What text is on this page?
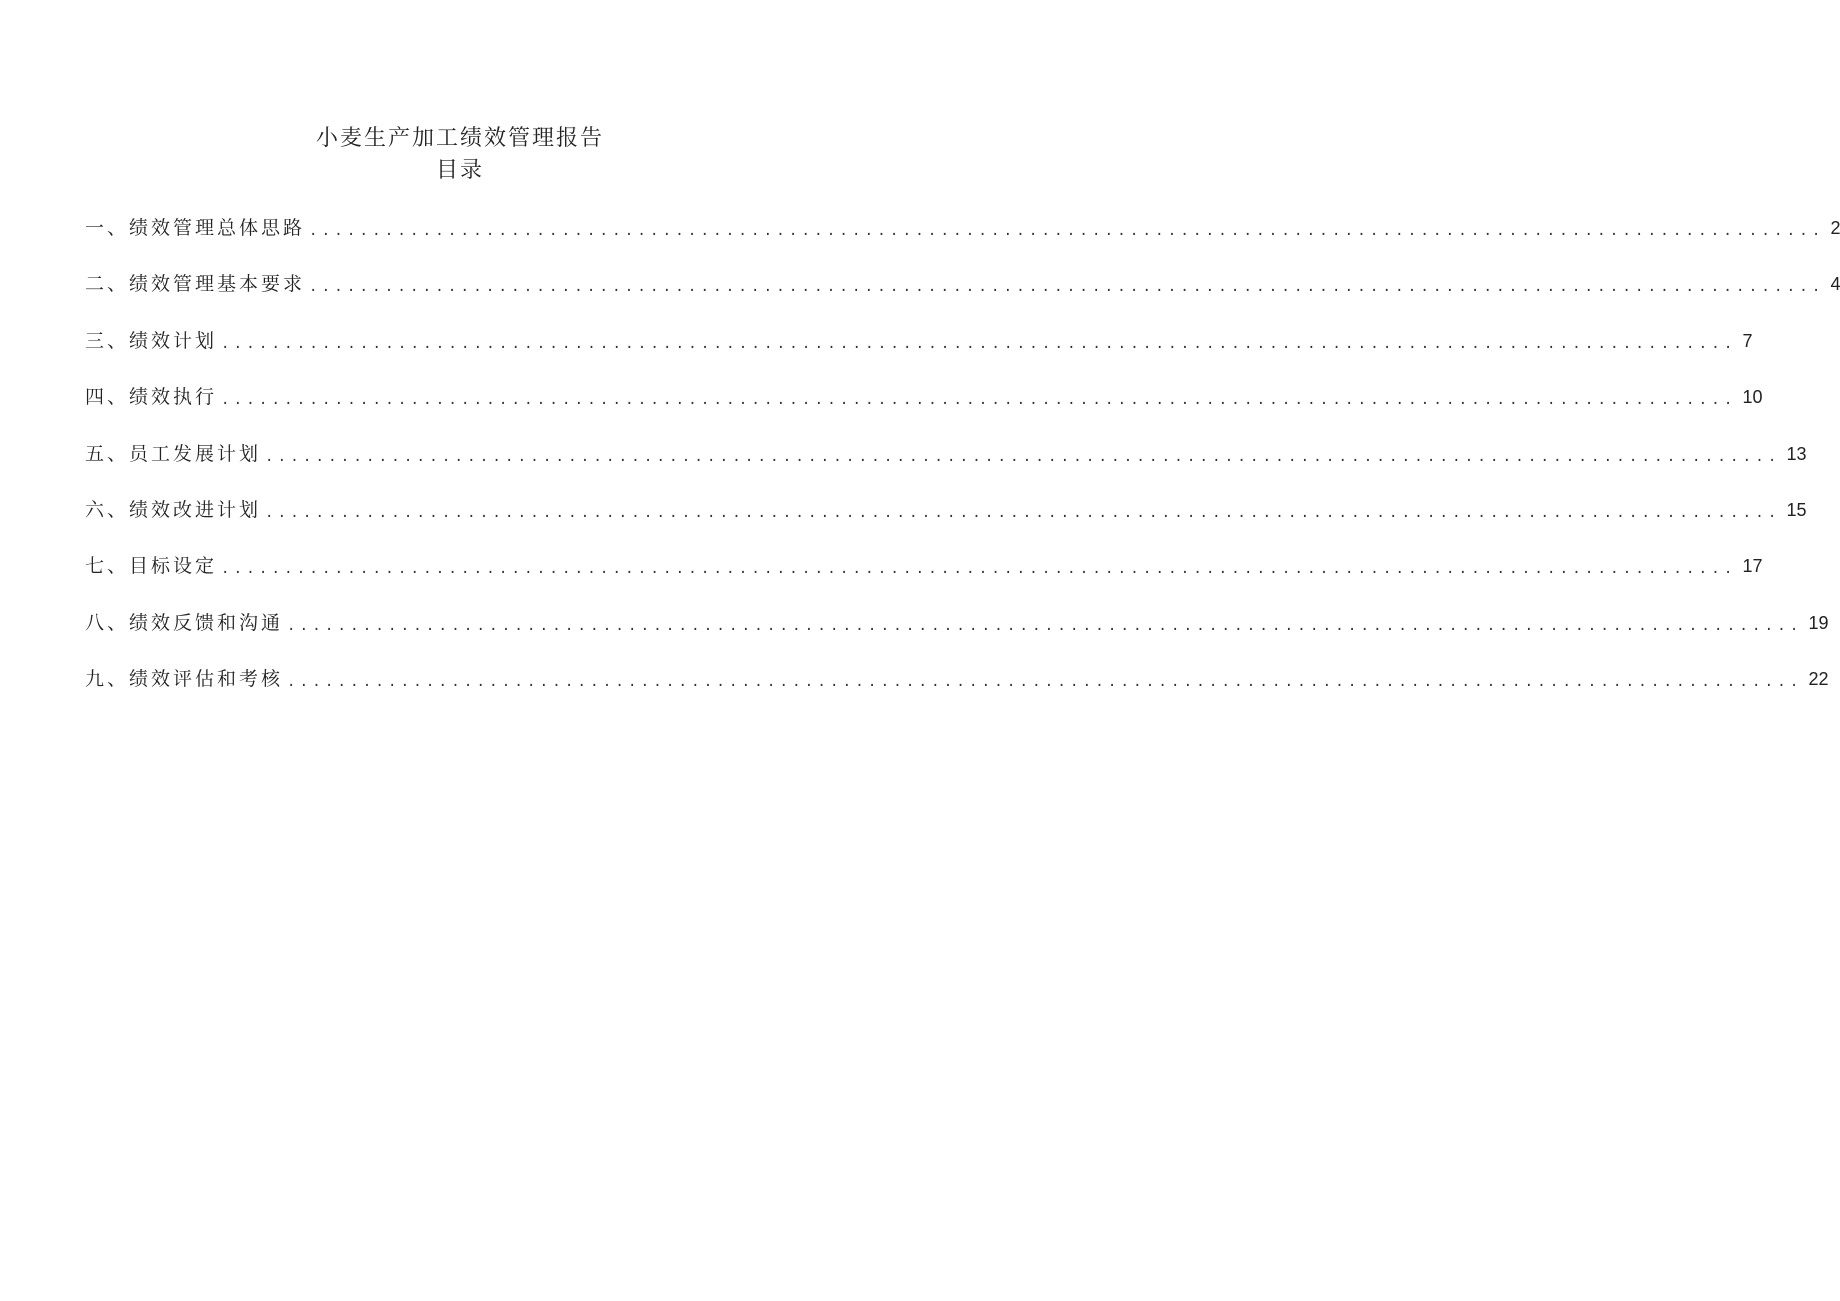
小麦生产加工绩效管理报告
目录
一、绩效管理总体思路 ........................................................................................................................ 2
二、绩效管理基本要求 ........................................................................................................................ 4
三、绩效计划 ........................................................................................................................ 7
四、绩效执行 ........................................................................................................................ 10
五、员工发展计划 ........................................................................................................................ 13
六、绩效改进计划 ........................................................................................................................ 15
七、目标设定 ........................................................................................................................ 17
八、绩效反馈和沟通 ........................................................................................................................ 19
九、绩效评估和考核 ........................................................................................................................ 22
